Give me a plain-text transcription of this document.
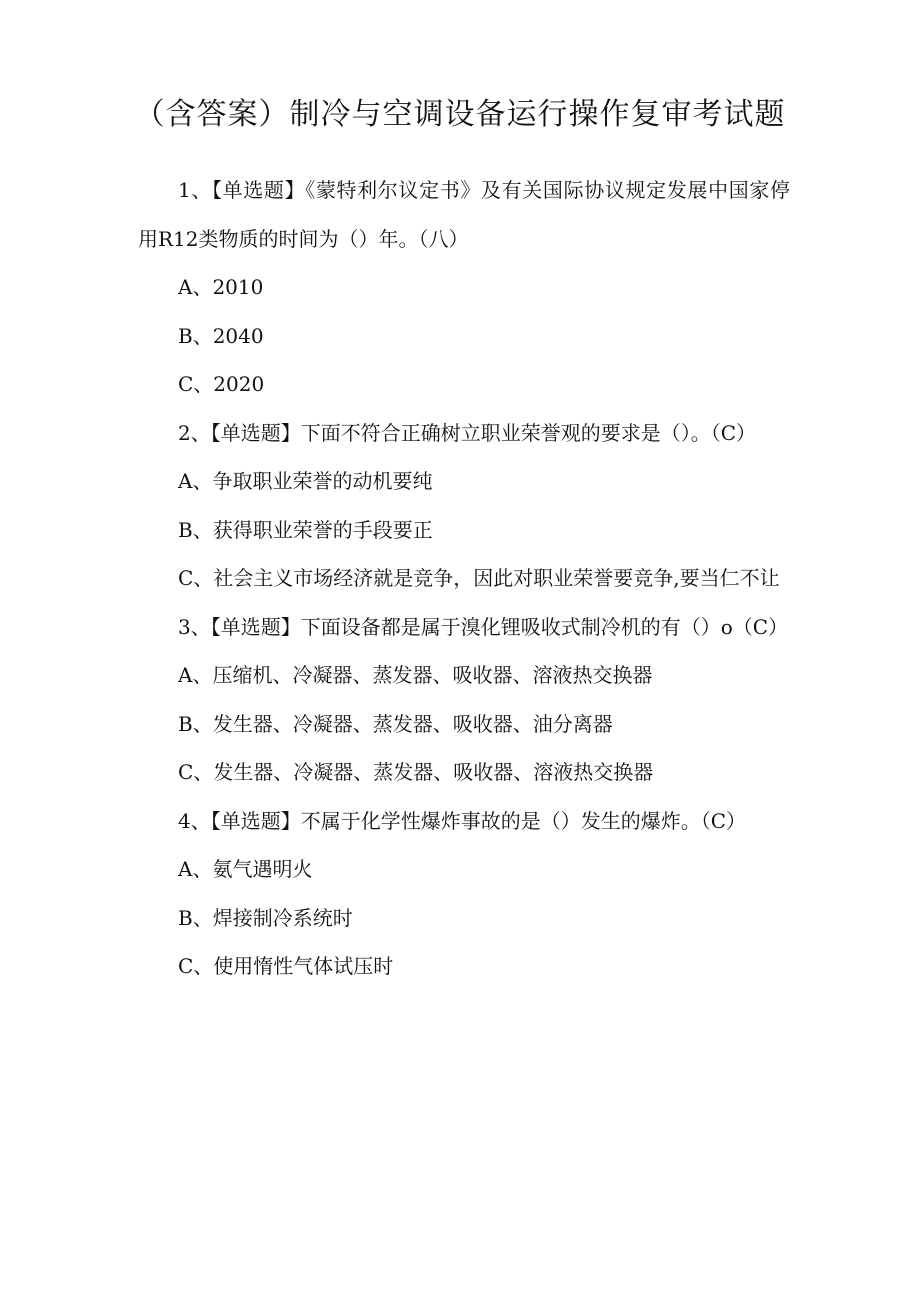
（含答案）制冷与空调设备运行操作复审考试题

1、【单选题】《蒙特利尔议定书》及有关国际协议规定发展中国家停用R12类物质的时间为（）年。（八）

A、2010

B、2040

C、2020

2、【单选题】下面不符合正确树立职业荣誉观的要求是（）。（C）

A、争取职业荣誉的动机要纯

B、获得职业荣誉的手段要正

C、社会主义市场经济就是竞争，因此对职业荣誉要竞争,要当仁不让

3、【单选题】下面设备都是属于溴化锂吸收式制冷机的有（）o（C）

A、压缩机、冷凝器、蒸发器、吸收器、溶液热交换器

B、发生器、冷凝器、蒸发器、吸收器、油分离器

C、发生器、冷凝器、蒸发器、吸收器、溶液热交换器

4、【单选题】不属于化学性爆炸事故的是（）发生的爆炸。（C）

A、氨气遇明火

B、焊接制冷系统时

C、使用惰性气体试压时
